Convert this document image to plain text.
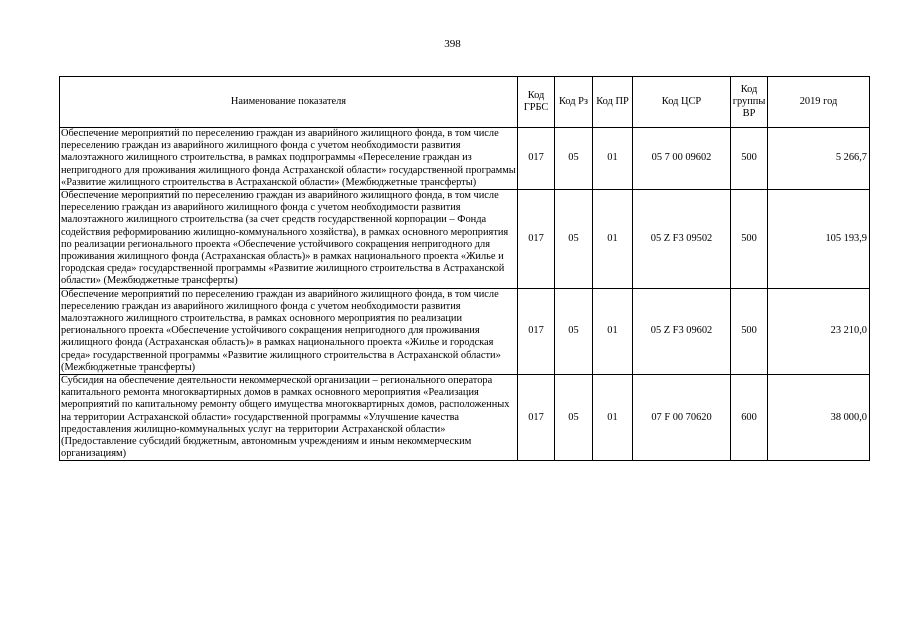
398
Наименование показателя	Код ГРБС	Код Рз	Код ПР	Код ЦСР	Код группы ВР	2019 год
Обеспечение мероприятий по переселению граждан из аварийного жилищного фонда, в том числе переселению граждан из аварийного жилищного фонда с учетом необходимости развития малоэтажного жилищного строительства, в рамках подпрограммы «Переселение граждан из непригодного для проживания жилищного фонда Астраханской области» государственной программы «Развитие жилищного строительства в Астраханской области» (Межбюджетные трансферты)	017	05	01	05 7 00 09602	500	5 266,7
Обеспечение мероприятий по переселению граждан из аварийного жилищного фонда, в том числе переселению граждан из аварийного жилищного фонда с учетом необходимости развития малоэтажного жилищного строительства (за счет средств государственной корпорации – Фонда содействия реформированию жилищно-коммунального хозяйства), в рамках основного мероприятия по реализации регионального проекта «Обеспечение устойчивого сокращения непригодного для проживания жилищного фонда (Астраханская область)» в рамках национального проекта «Жилье и городская среда» государственной программы «Развитие жилищного строительства в Астраханской области» (Межбюджетные трансферты)	017	05	01	05 Z F3 09502	500	105 193,9
Обеспечение мероприятий по переселению граждан из аварийного жилищного фонда, в том числе переселению граждан из аварийного жилищного фонда с учетом необходимости развития малоэтажного жилищного строительства, в рамках основного мероприятия по реализации регионального проекта «Обеспечение устойчивого сокращения непригодного для проживания жилищного фонда (Астраханская область)» в рамках национального проекта «Жилье и городская среда» государственной программы «Развитие жилищного строительства в Астраханской области» (Межбюджетные трансферты)	017	05	01	05 Z F3 09602	500	23 210,0
Субсидия на обеспечение деятельности некоммерческой организации – регионального оператора капитального ремонта многоквартирных домов в рамках основного мероприятия «Реализация мероприятий по капитальному ремонту общего имущества многоквартирных домов, расположенных на территории Астраханской области» государственной программы «Улучшение качества предоставления жилищно-коммунальных услуг на территории Астраханской области» (Предоставление субсидий бюджетным, автономным учреждениям и иным некоммерческим организациям)	017	05	01	07 F 00 70620	600	38 000,0
